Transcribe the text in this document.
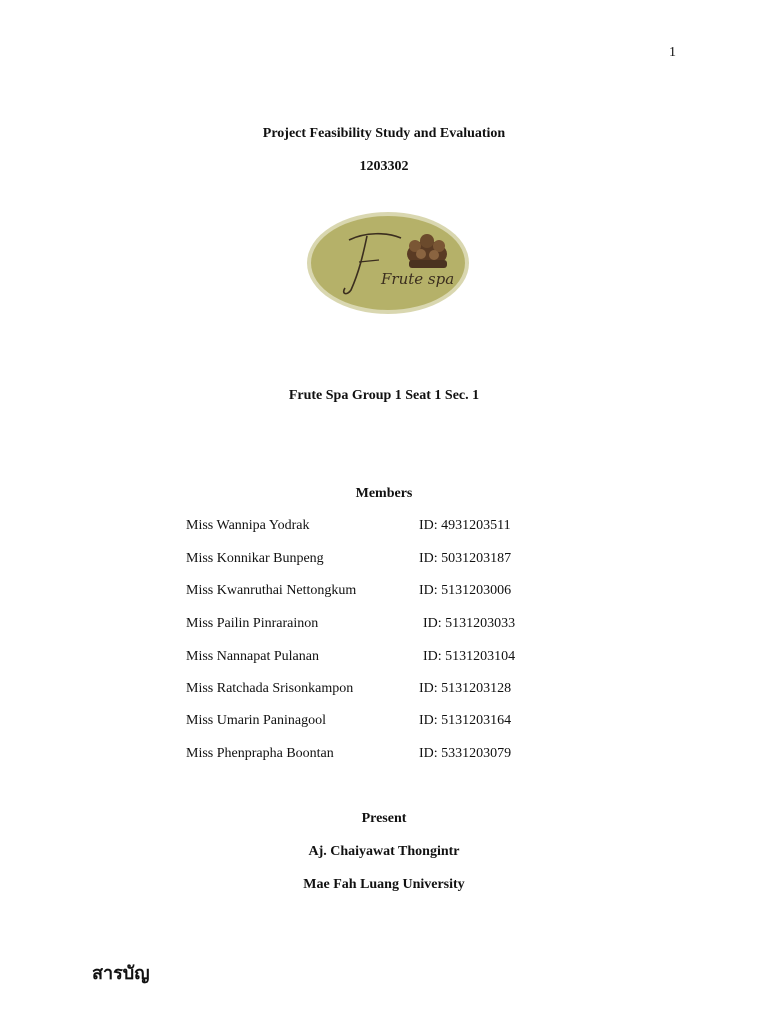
1
Project Feasibility Study and Evaluation
1203302
Frute spa
Frute Spa Group 1 Seat 1 Sec. 1
Members
Miss Wannipa Yodrak	ID: 4931203511
Miss Konnikar Bunpeng	ID: 5031203187
Miss Kwanruthai Nettongkum	ID: 5131203006
Miss Pailin Pinrarainon	ID: 5131203033
Miss Nannapat Pulanan	ID: 5131203104
Miss Ratchada Srisonkampon	ID: 5131203128
Miss Umarin Paninagool	ID: 5131203164
Miss Phenprapha Boontan	ID: 5331203079
Present
Aj. Chaiyawat Thongintr
Mae Fah Luang University
สารบัญ
